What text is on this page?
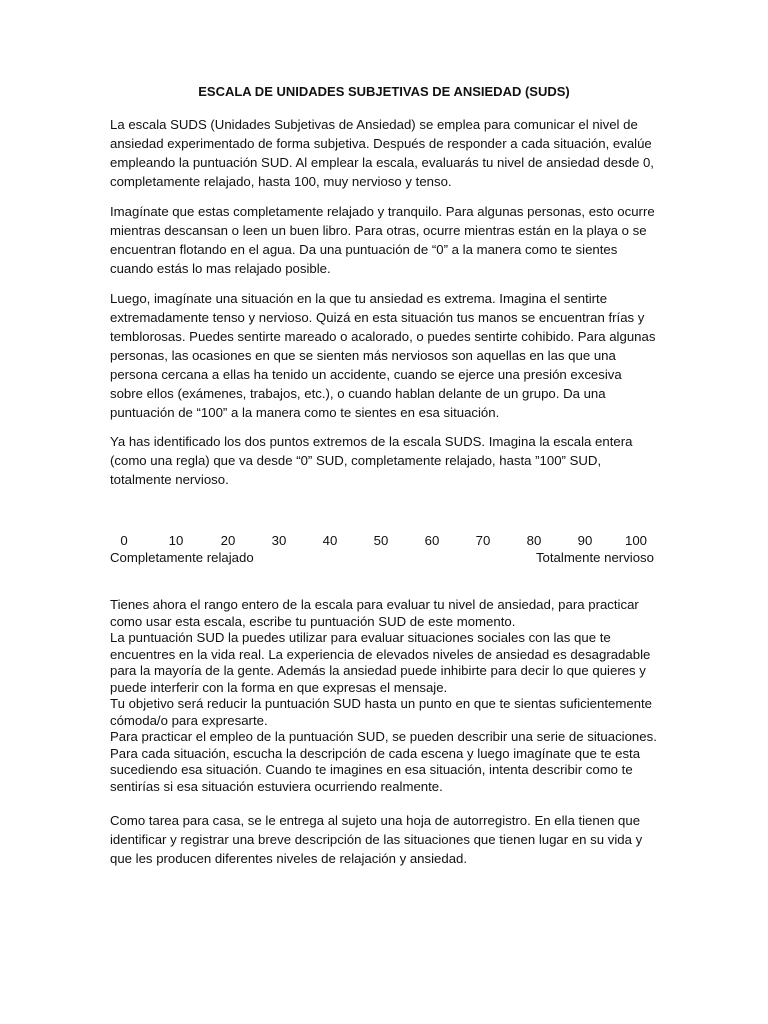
ESCALA DE UNIDADES SUBJETIVAS DE ANSIEDAD (SUDS)

La escala SUDS (Unidades Subjetivas de Ansiedad) se emplea para comunicar el nivel de ansiedad experimentado de forma subjetiva. Después de responder a cada situación, evalúe empleando la puntuación SUD. Al emplear la escala, evaluarás tu nivel de ansiedad desde 0, completamente relajado, hasta 100, muy nervioso y tenso.

Imagínate que estas completamente relajado y tranquilo. Para algunas personas, esto ocurre mientras descansan o leen un buen libro. Para otras, ocurre mientras están en la playa o se encuentran flotando en el agua. Da una puntuación de “0” a la manera como te sientes cuando estás lo mas relajado posible.

Luego, imagínate una situación en la que tu ansiedad es extrema. Imagina el sentirte extremadamente tenso y nervioso. Quizá en esta situación tus manos se encuentran frías y temblorosas. Puedes sentirte mareado o acalorado, o puedes sentirte cohibido. Para algunas personas, las ocasiones en que se sienten más nerviosos son aquellas en las que una persona cercana a ellas ha tenido un accidente, cuando se ejerce una presión excesiva sobre ellos (exámenes, trabajos, etc.), o cuando hablan delante de un grupo. Da una puntuación de “100” a la manera como te sientes en esa situación.

Ya has identificado los dos puntos extremos de la escala SUDS. Imagina la escala entera (como una regla) que va desde “0” SUD, completamente relajado, hasta ”100” SUD, totalmente nervioso.

0	10	20	30	40	50	60	70	80	90 100
Completamente relajado	Totalmente nervioso
Tienes ahora el rango entero de la escala para evaluar tu nivel de ansiedad, para practicar
como usar esta escala, escribe tu puntuación SUD de este momento.
La puntuación SUD la puedes utilizar para evaluar situaciones sociales con las que te
encuentres en la vida real. La experiencia de elevados niveles de ansiedad es desagradable
para la mayoría de la gente. Además la ansiedad puede inhibirte para decir lo que quieres y
puede interferir con la forma en que expresas el mensaje.
Tu objetivo será reducir la puntuación SUD hasta un punto en que te sientas suficientemente
cómoda/o para expresarte.
Para practicar el empleo de la puntuación SUD, se pueden describir una serie de situaciones.
Para cada situación, escucha la descripción de cada escena y luego imagínate que te esta
sucediendo esa situación. Cuando te imagines en esa situación, intenta describir como te
sentirías si esa situación estuviera ocurriendo realmente.
Como tarea para casa, se le entrega al sujeto una hoja de autorregistro. En ella tienen que
identificar y registrar una breve descripción de las situaciones que tienen lugar en su vida y
que les producen diferentes niveles de relajación y ansiedad.
